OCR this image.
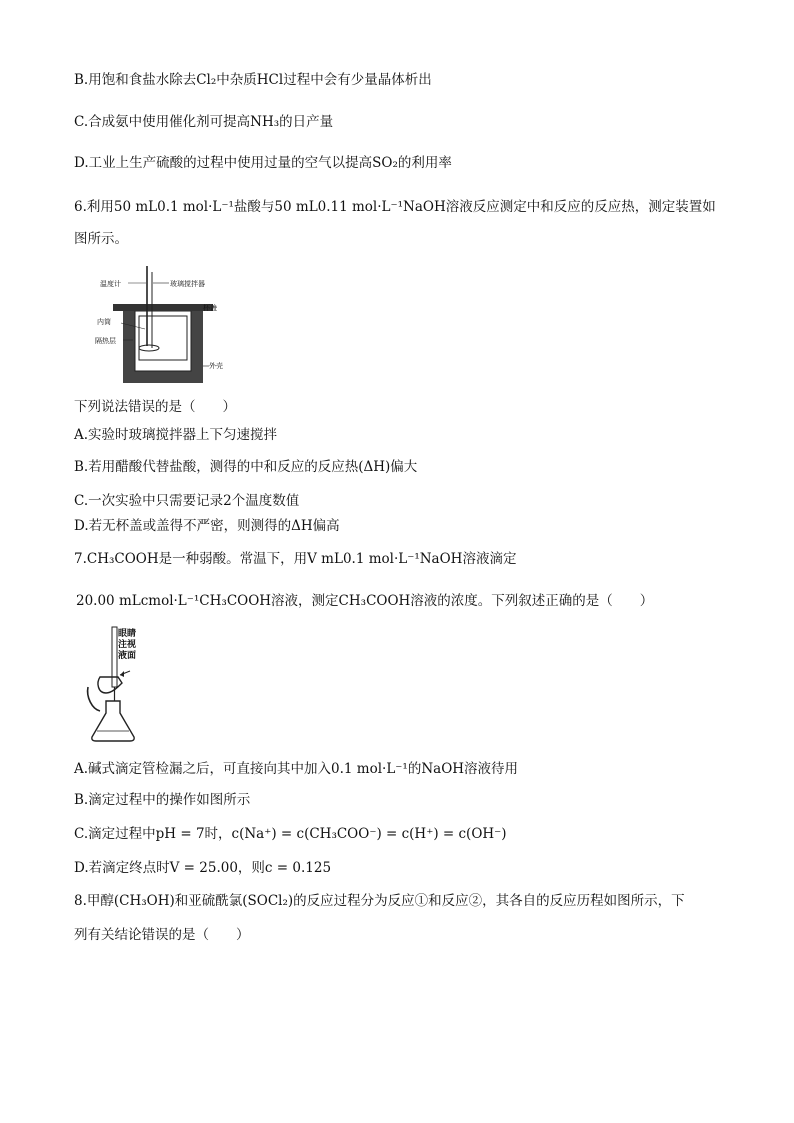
B.用饱和食盐水除去Cl₂中杂质HCl过程中会有少量晶体析出
C.合成氨中使用催化剂可提高NH₃的日产量
D.工业上生产硫酸的过程中使用过量的空气以提高SO₂的利用率
6.利用50 mL0.1 mol·L⁻¹盐酸与50 mL0.11 mol·L⁻¹NaOH溶液反应测定中和反应的反应热，测定装置如
图所示。
温度计	玻璃搅拌器
杯盖
内筒
隔热层
外壳
下列说法错误的是（　　）
A.实验时玻璃搅拌器上下匀速搅拌
B.若用醋酸代替盐酸，测得的中和反应的反应热(ΔH)偏大
C.一次实验中只需要记录2个温度数值
D.若无杯盖或盖得不严密，则测得的ΔH偏高
7.CH₃COOH是一种弱酸。常温下，用V mL0.1 mol·L⁻¹NaOH溶液滴定
20.00 mLcmol·L⁻¹CH₃COOH溶液，测定CH₃COOH溶液的浓度。下列叙述正确的是（　　）
眼睛注视液面
眼睛
注视
液面
A.碱式滴定管检漏之后，可直接向其中加入0.1 mol·L⁻¹的NaOH溶液待用
B.滴定过程中的操作如图所示
C.滴定过程中pH = 7时，c(Na⁺) = c(CH₃COO⁻) = c(H⁺) = c(OH⁻)
D.若滴定终点时V = 25.00，则c = 0.125
8.甲醇(CH₃OH)和亚硫酰氯(SOCl₂)的反应过程分为反应①和反应②，其各自的反应历程如图所示，下
列有关结论错误的是（　　）
